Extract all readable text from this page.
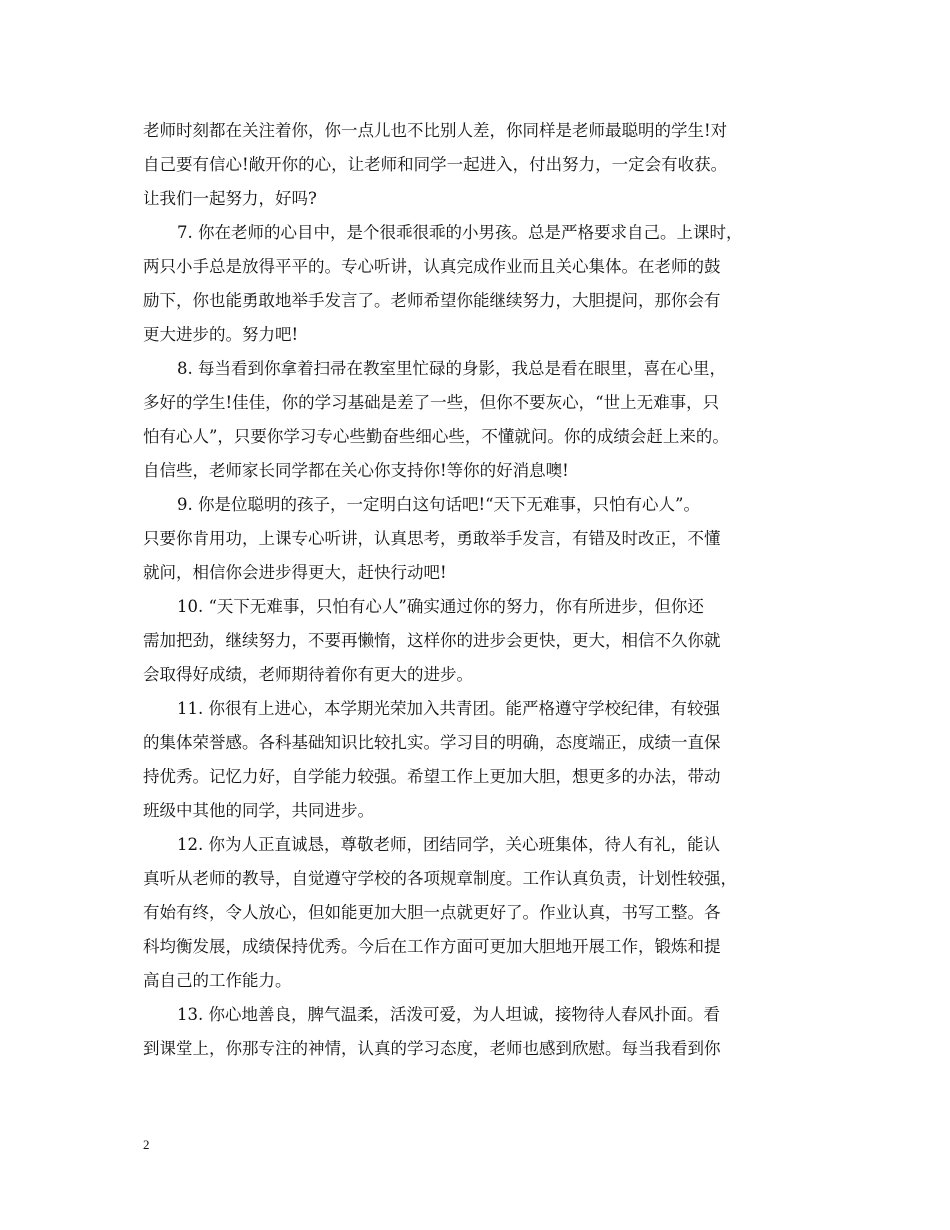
老师时刻都在关注着你，你一点儿也不比别人差，你同样是老师最聪明的学生!对
自己要有信心!敞开你的心，让老师和同学一起进入，付出努力，一定会有收获。
让我们一起努力，好吗?
7. 你在老师的心目中，是个很乖很乖的小男孩。总是严格要求自己。上课时，
两只小手总是放得平平的。专心听讲，认真完成作业而且关心集体。在老师的鼓
励下，你也能勇敢地举手发言了。老师希望你能继续努力，大胆提问，那你会有
更大进步的。努力吧!
8. 每当看到你拿着扫帚在教室里忙碌的身影，我总是看在眼里，喜在心里，
多好的学生!佳佳，你的学习基础是差了一些，但你不要灰心，“世上无难事，只
怕有心人”，只要你学习专心些勤奋些细心些，不懂就问。你的成绩会赶上来的。
自信些，老师家长同学都在关心你支持你!等你的好消息噢!
9. 你是位聪明的孩子，一定明白这句话吧!“天下无难事，只怕有心人”。
只要你肯用功，上课专心听讲，认真思考，勇敢举手发言，有错及时改正，不懂
就问，相信你会进步得更大，赶快行动吧!
10. “天下无难事，只怕有心人”确实通过你的努力，你有所进步，但你还
需加把劲，继续努力，不要再懒惰，这样你的进步会更快，更大，相信不久你就
会取得好成绩，老师期待着你有更大的进步。
11. 你很有上进心，本学期光荣加入共青团。能严格遵守学校纪律，有较强
的集体荣誉感。各科基础知识比较扎实。学习目的明确，态度端正，成绩一直保
持优秀。记忆力好，自学能力较强。希望工作上更加大胆，想更多的办法，带动
班级中其他的同学，共同进步。
12. 你为人正直诚恳，尊敬老师，团结同学，关心班集体，待人有礼，能认
真听从老师的教导，自觉遵守学校的各项规章制度。工作认真负责，计划性较强，
有始有终，令人放心，但如能更加大胆一点就更好了。作业认真，书写工整。各
科均衡发展，成绩保持优秀。今后在工作方面可更加大胆地开展工作，锻炼和提
高自己的工作能力。
13. 你心地善良，脾气温柔，活泼可爱，为人坦诚，接物待人春风扑面。看
到课堂上，你那专注的神情，认真的学习态度，老师也感到欣慰。每当我看到你
2
